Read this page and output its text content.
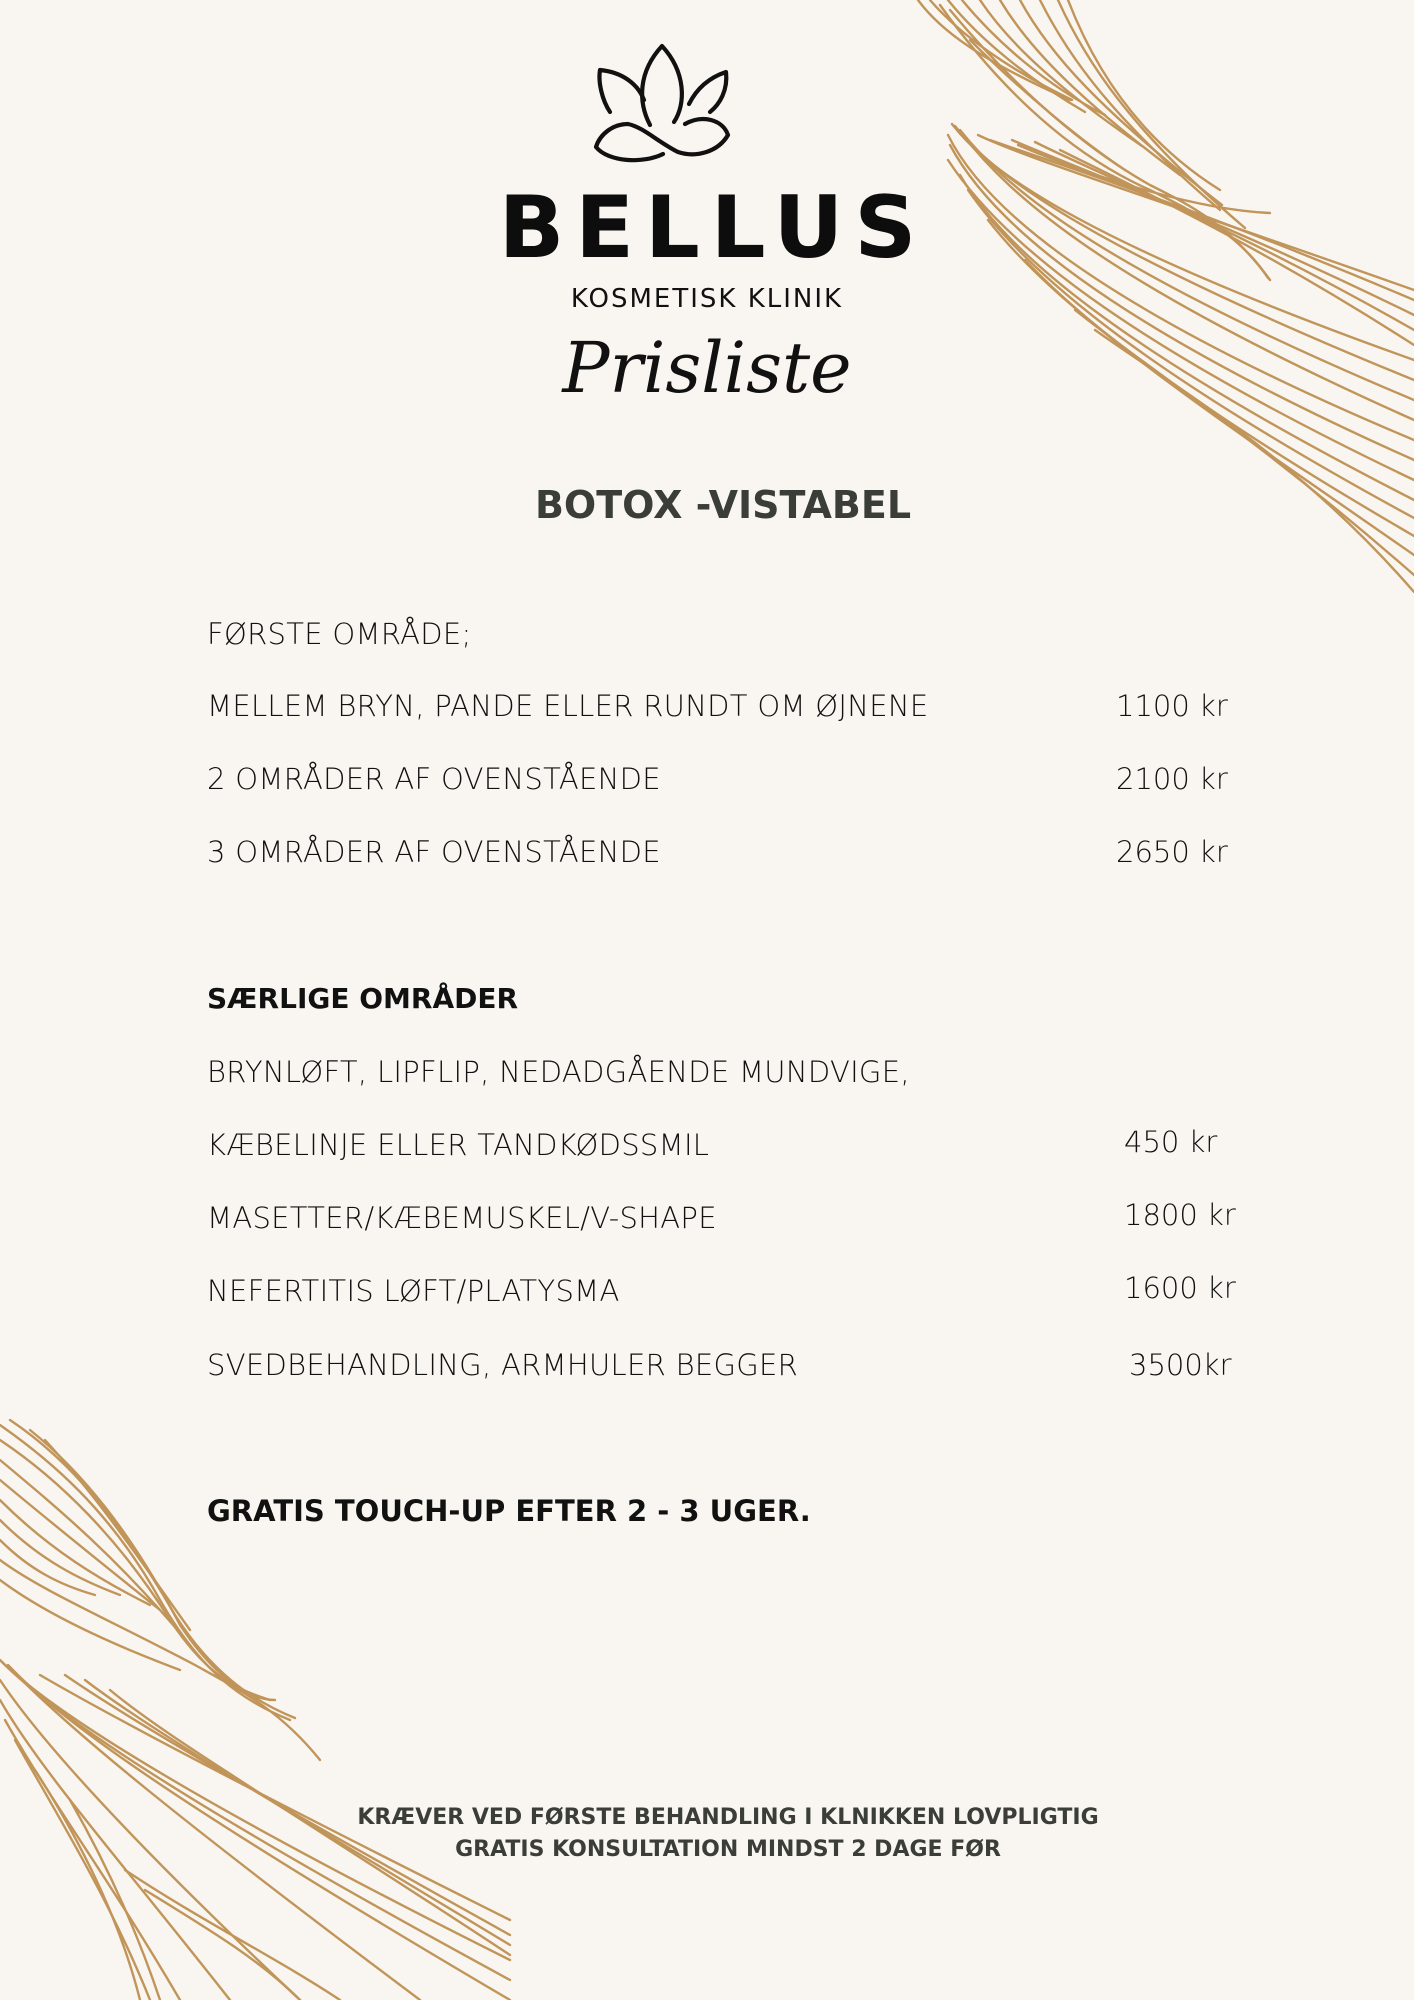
BELLUS
KOSMETISK KLINIK
Prisliste
BOTOX -VISTABEL
FØRSTE OMRÅDE;
MELLEM BRYN, PANDE ELLER RUNDT OM ØJNENE	1100 kr
2 OMRÅDER AF OVENSTÅENDE	2100 kr
3 OMRÅDER AF OVENSTÅENDE	2650 kr
SÆRLIGE OMRÅDER
BRYNLØFT, LIPFLIP, NEDADGÅENDE MUNDVIGE,
KÆBELINJE ELLER TANDKØDSSMIL	450 kr
MASETTER/KÆBEMUSKEL/V-SHAPE	1800 kr
NEFERTITIS LØFT/PLATYSMA	1600 kr
SVEDBEHANDLING, ARMHULER BEGGER	3500kr
GRATIS TOUCH-UP EFTER 2 - 3 UGER.
KRÆVER VED FØRSTE BEHANDLING I KLNIKKEN LOVPLIGTIG
GRATIS KONSULTATION MINDST 2 DAGE FØR
